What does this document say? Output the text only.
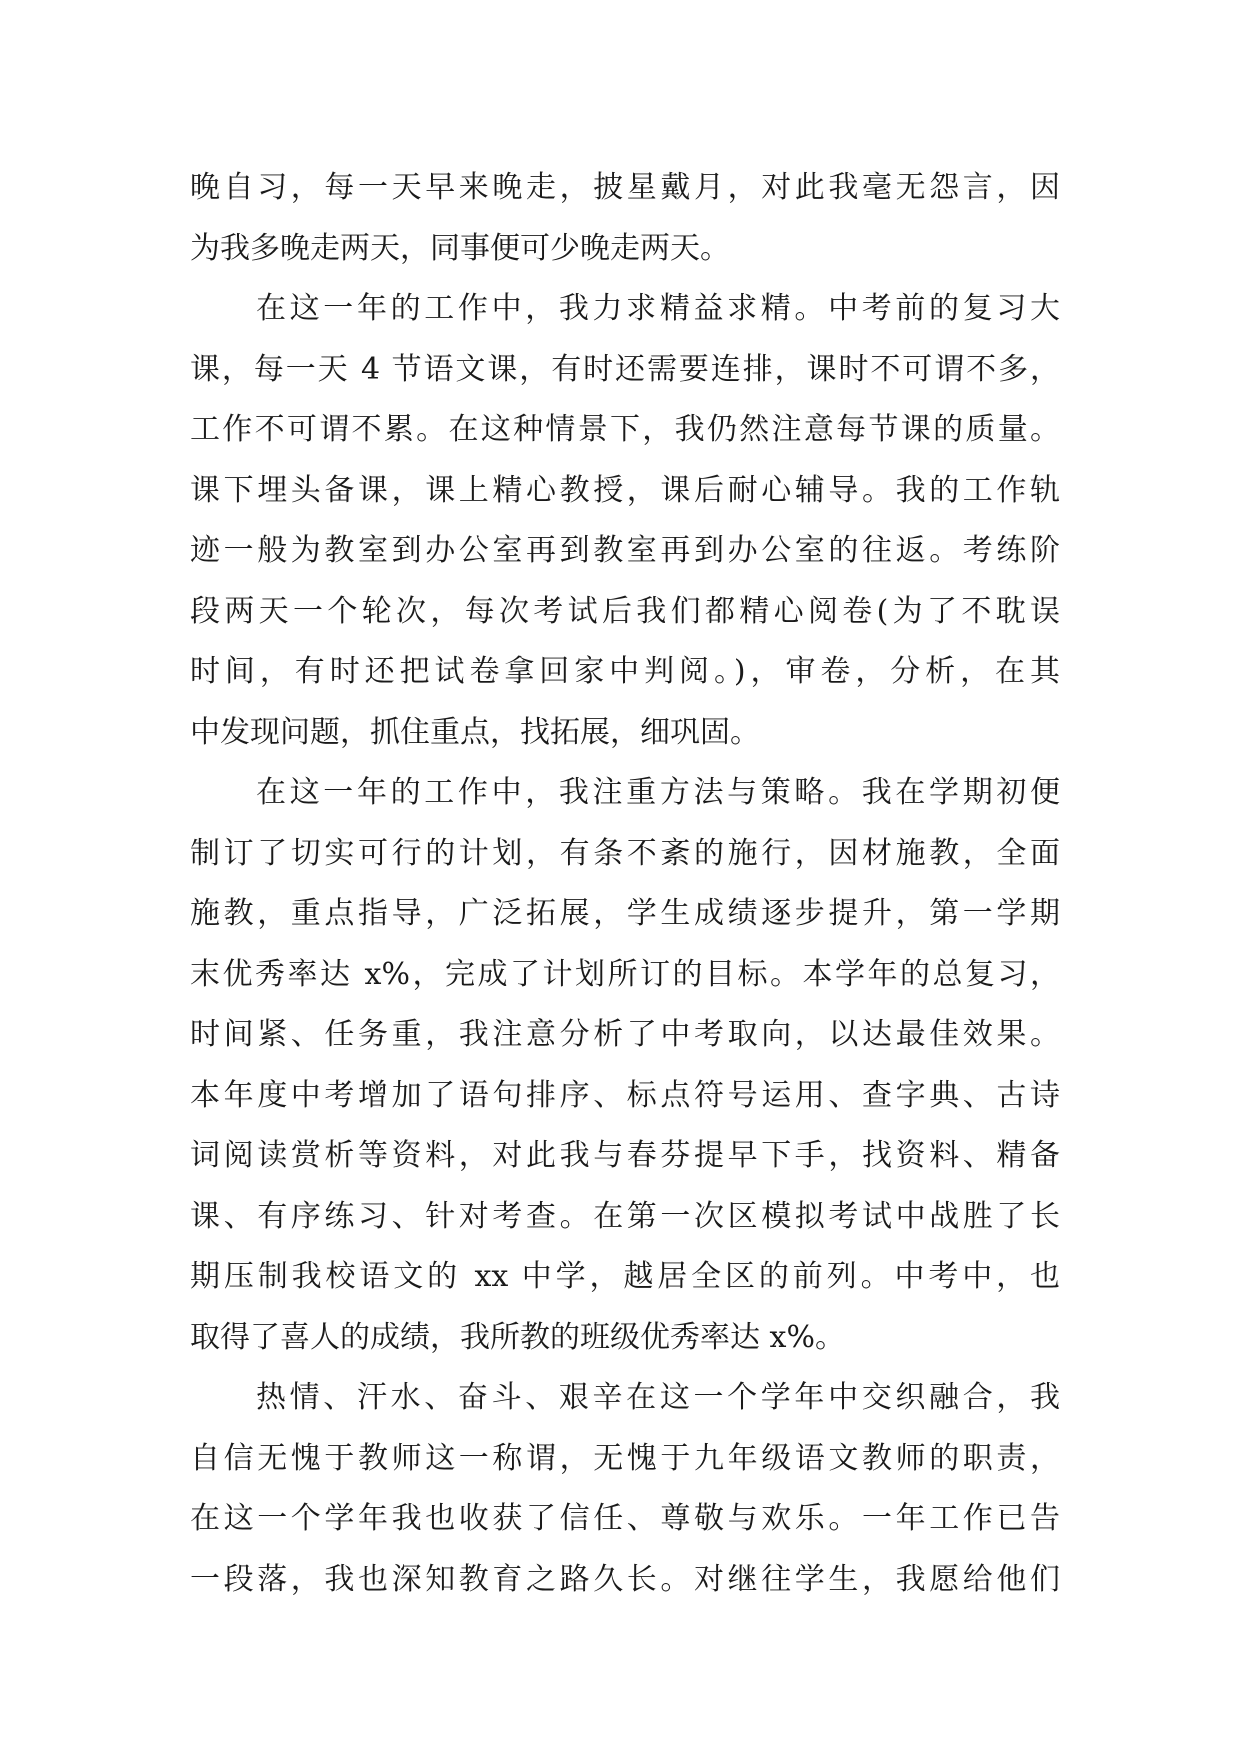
晚自习，每一天早来晚走，披星戴月，对此我毫无怨言，因
为我多晚走两天，同事便可少晚走两天。
在这一年的工作中，我力求精益求精。中考前的复习大
课，每一天 4 节语文课，有时还需要连排，课时不可谓不多，
工作不可谓不累。在这种情景下，我仍然注意每节课的质量。
课下埋头备课，课上精心教授，课后耐心辅导。我的工作轨
迹一般为教室到办公室再到教室再到办公室的往返。考练阶
段两天一个轮次，每次考试后我们都精心阅卷(为了不耽误
时间，有时还把试卷拿回家中判阅。)，审卷，分析，在其
中发现问题，抓住重点，找拓展，细巩固。
在这一年的工作中，我注重方法与策略。我在学期初便
制订了切实可行的计划，有条不紊的施行，因材施教，全面
施教，重点指导，广泛拓展，学生成绩逐步提升，第一学期
末优秀率达 x%，完成了计划所订的目标。本学年的总复习，
时间紧、任务重，我注意分析了中考取向，以达最佳效果。
本年度中考增加了语句排序、标点符号运用、查字典、古诗
词阅读赏析等资料，对此我与春芬提早下手，找资料、精备
课、有序练习、针对考查。在第一次区模拟考试中战胜了长
期压制我校语文的 xx 中学，越居全区的前列。中考中，也
取得了喜人的成绩，我所教的班级优秀率达 x%。
热情、汗水、奋斗、艰辛在这一个学年中交织融合，我
自信无愧于教师这一称谓，无愧于九年级语文教师的职责，
在这一个学年我也收获了信任、尊敬与欢乐。一年工作已告
一段落，我也深知教育之路久长。对继往学生，我愿给他们
